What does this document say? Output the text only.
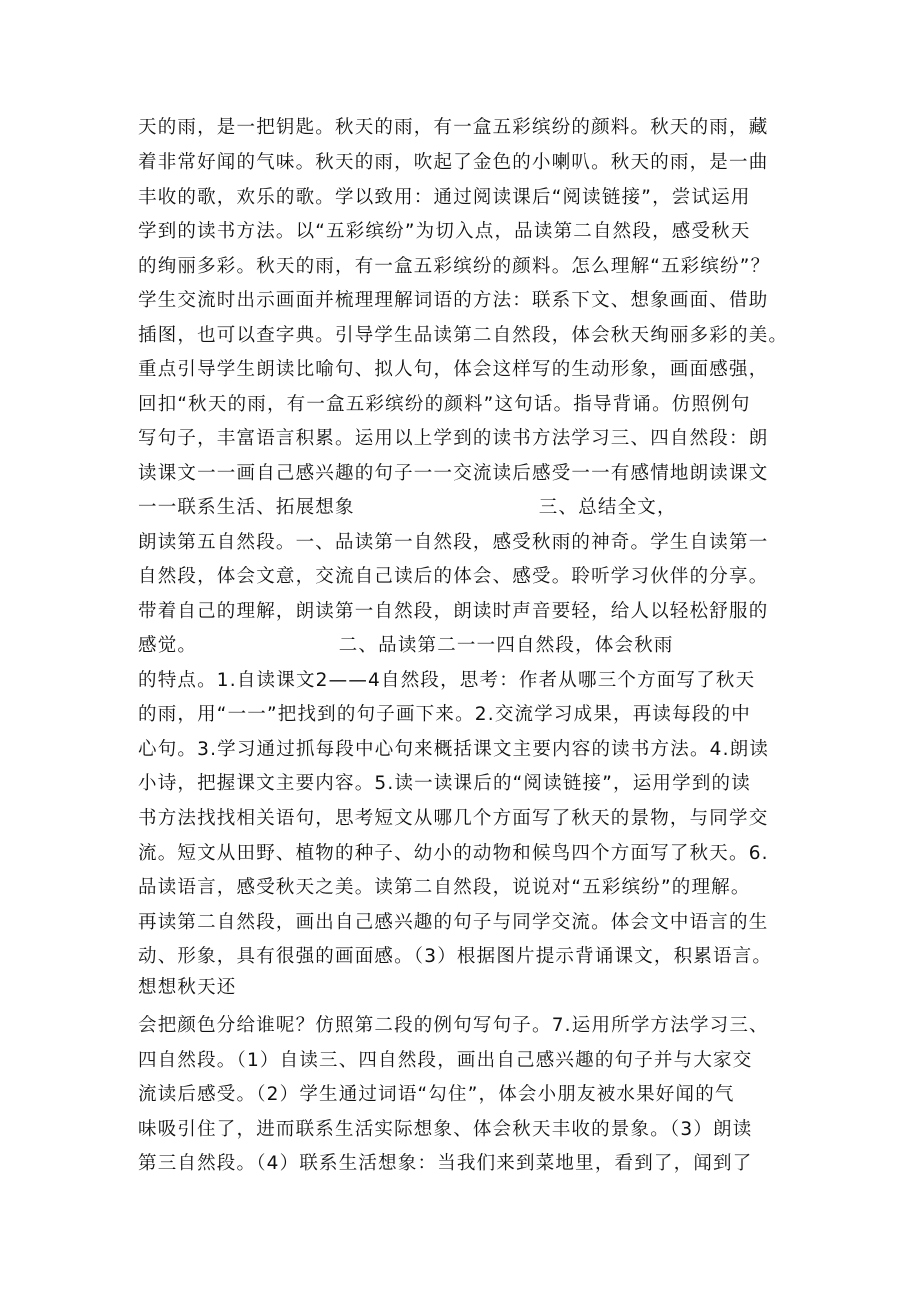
天的雨，是一把钥匙。秋天的雨，有一盒五彩缤纷的颜料。秋天的雨，藏

着非常好闻的气味。秋天的雨，吹起了金色的小喇叭。秋天的雨，是一曲

丰收的歌，欢乐的歌。学以致用：通过阅读课后“阅读链接”，尝试运用

学到的读书方法。以“五彩缤纷”为切入点，品读第二自然段，感受秋天

的绚丽多彩。秋天的雨，有一盒五彩缤纷的颜料。怎么理解“五彩缤纷”？

学生交流时出示画面并梳理理解词语的方法：联系下文、想象画面、借助

插图，也可以查字典。引导学生品读第二自然段，体会秋天绚丽多彩的美。

重点引导学生朗读比喻句、拟人句，体会这样写的生动形象，画面感强，

回扣“秋天的雨，有一盒五彩缤纷的颜料”这句话。指导背诵。仿照例句

写句子，丰富语言积累。运用以上学到的读书方法学习三、四自然段：朗

读课文一一画自己感兴趣的句子一一交流读后感受一一有感情地朗读课文

一一联系生活、拓展想象                          三、总结全文，

朗读第五自然段。一、品读第一自然段，感受秋雨的神奇。学生自读第一

自然段，体会文意，交流自己读后的体会、感受。聆听学习伙伴的分享。

带着自己的理解，朗读第一自然段，朗读时声音要轻，给人以轻松舒服的

感觉。                    二、品读第二一一四自然段，体会秋雨

的特点。1.自读课文2——4自然段，思考：作者从哪三个方面写了秋天

的雨，用“一一”把找到的句子画下来。2.交流学习成果，再读每段的中

心句。3.学习通过抓每段中心句来概括课文主要内容的读书方法。4.朗读

小诗，把握课文主要内容。5.读一读课后的“阅读链接”，运用学到的读

书方法找找相关语句，思考短文从哪几个方面写了秋天的景物，与同学交

流。短文从田野、植物的种子、幼小的动物和候鸟四个方面写了秋天。6.

品读语言，感受秋天之美。读第二自然段，说说对“五彩缤纷”的理解。

再读第二自然段，画出自己感兴趣的句子与同学交流。体会文中语言的生

动、形象，具有很强的画面感。（3）根据图片提示背诵课文，积累语言。

想想秋天还

会把颜色分给谁呢？仿照第二段的例句写句子。7.运用所学方法学习三、

四自然段。（1）自读三、四自然段，画出自己感兴趣的句子并与大家交

流读后感受。（2）学生通过词语“勾住”，体会小朋友被水果好闻的气

味吸引住了，进而联系生活实际想象、体会秋天丰收的景象。（3）朗读

第三自然段。（4）联系生活想象：当我们来到菜地里，看到了，闻到了
